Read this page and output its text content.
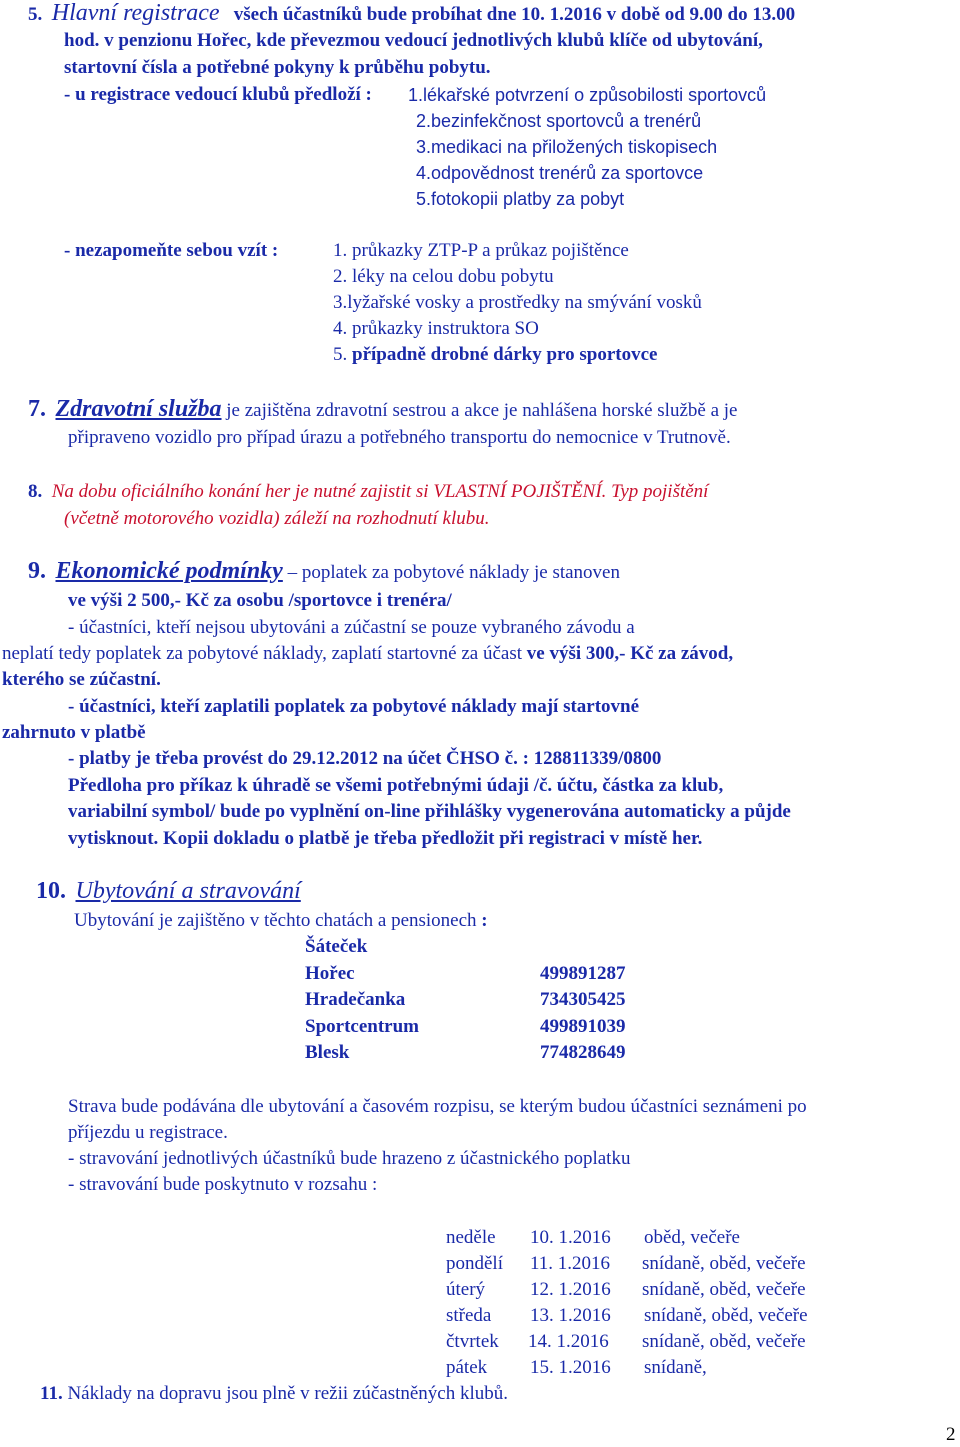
5. Hlavní registrace všech účastníků bude probíhat dne 10. 1.2016 v době od 9.00 do 13.00
hod. v penzionu Hořec, kde převezmou vedoucí jednotlivých klubů klíče od ubytování,
startovní čísla a potřebné pokyny k průběhu pobytu.
- u registrace vedoucí klubů předloží : 1.lékařské potvrzení o způsobilosti sportovců
2.bezinfekčnost sportovců a trenérů
3.medikaci na přiložených tiskopisech
4.odpovědnost trenérů za sportovce
5.fotokopii platby za pobyt
- nezapomeňte sebou vzít :	1. průkazky ZTP-P a průkaz pojištěnce
2. léky na celou dobu pobytu
3.lyžařské vosky a prostředky na smývání vosků
4. průkazky instruktora SO
5. případně drobné dárky pro sportovce
7. Zdravotní služba je zajištěna zdravotní sestrou a akce je nahlášena horské službě a je
připraveno vozidlo pro případ úrazu a potřebného transportu do nemocnice v Trutnově.
8. Na dobu oficiálního konání her je nutné zajistit si VLASTNÍ POJIŠTĚNÍ. Typ pojištění
(včetně motorového vozidla) záleží na rozhodnutí klubu.
9. Ekonomické podmínky – poplatek za pobytové náklady je stanoven
ve výši 2 500,- Kč za osobu /sportovce i trenéra/
- účastníci, kteří nejsou ubytováni a zúčastní se pouze vybraného závodu a
neplatí tedy poplatek za pobytové náklady, zaplatí startovné za účast ve výši 300,- Kč za závod,
kterého se zúčastní.
- účastníci, kteří zaplatili poplatek za pobytové náklady mají startovné
zahrnuto v platbě
- platby je třeba provést do 29.12.2012 na účet ČHSO č. : 128811339/0800
Předloha pro příkaz k úhradě se všemi potřebnými údaji /č. účtu, částka za klub,
variabilní symbol/ bude po vyplnění on-line přihlášky vygenerována automaticky a půjde
vytisknout. Kopii dokladu o platbě je třeba předložit při registraci v místě her.
10. Ubytování a stravování
Ubytování je zajištěno v těchto chatách a pensionech :
Šáteček
Hořec	499891287
Hradečanka	734305425
Sportcentrum	499891039
Blesk	774828649
Strava bude podávána dle ubytování a časovém rozpisu, se kterým budou účastníci seznámeni po
příjezdu u registrace.
- stravování jednotlivých účastníků bude hrazeno z účastnického poplatku
- stravování bude poskytnuto v rozsahu :
neděle 10. 1.2016 oběd, večeře
pondělí 11. 1.2016 snídaně, oběd, večeře
úterý 12. 1.2016 snídaně, oběd, večeře
středa 13. 1.2016 snídaně, oběd, večeře
čtvrtek 14. 1.2016 snídaně, oběd, večeře
pátek 15. 1.2016 snídaně,
11. Náklady na dopravu jsou plně v režii zúčastněných klubů.
2
